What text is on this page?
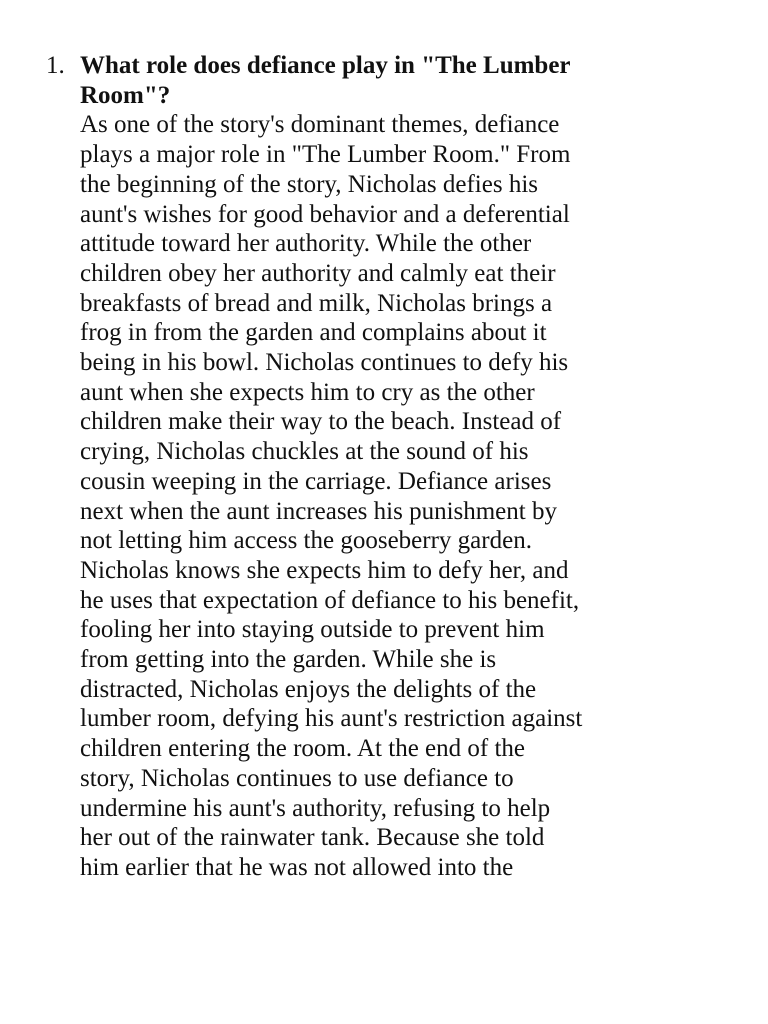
1. What role does defiance play in "The Lumber
Room"?
As one of the story's dominant themes, defiance
plays a major role in "The Lumber Room." From
the beginning of the story, Nicholas defies his
aunt's wishes for good behavior and a deferential
attitude toward her authority. While the other
children obey her authority and calmly eat their
breakfasts of bread and milk, Nicholas brings a
frog in from the garden and complains about it
being in his bowl. Nicholas continues to defy his
aunt when she expects him to cry as the other
children make their way to the beach. Instead of
crying, Nicholas chuckles at the sound of his
cousin weeping in the carriage. Defiance arises
next when the aunt increases his punishment by
not letting him access the gooseberry garden.
Nicholas knows she expects him to defy her, and
he uses that expectation of defiance to his benefit,
fooling her into staying outside to prevent him
from getting into the garden. While she is
distracted, Nicholas enjoys the delights of the
lumber room, defying his aunt's restriction against
children entering the room. At the end of the
story, Nicholas continues to use defiance to
undermine his aunt's authority, refusing to help
her out of the rainwater tank. Because she told
him earlier that he was not allowed into the
